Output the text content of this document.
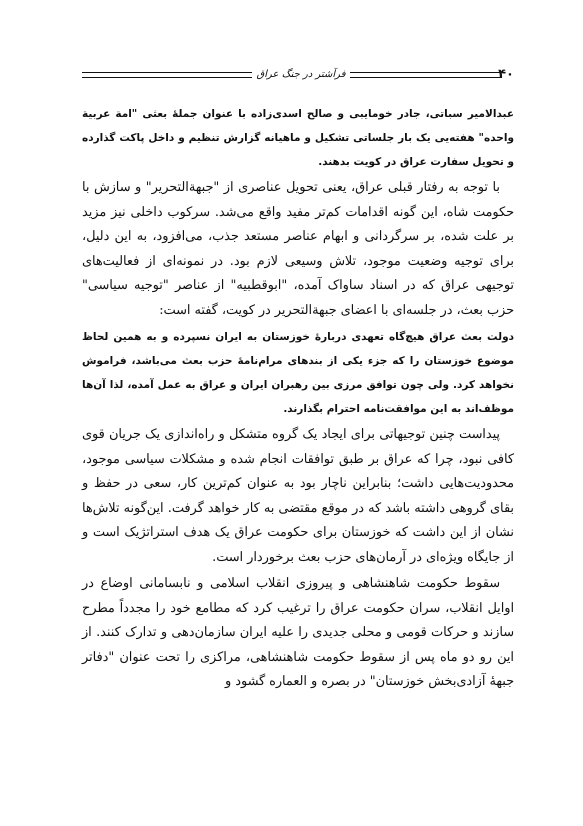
فرآشتر در جنگ عراق	۴۰
عبدالامیر سباتی، جادر خومایبی و صالح اسدی‌زاده با عنوان جملهٔ بعثی "امة عربیة واحده" هفته‌یی یک بار جلساتی تشکیل و ماهیانه گزارش تنظیم و داخل پاکت گذارده و تحویل سفارت عراق در کویت بدهند.
با توجه به رفتار قبلی عراق، یعنی تحویل عناصری از "جبهةالتحریر" و سازش با حکومت شاه، این گونه اقدامات کم‌تر مفید واقع می‌شد. سرکوب داخلی نیز مزید بر علت شده، بر سرگردانی و ابهام عناصر مستعد جذب، می‌افزود، به این دلیل، برای توجیه وضعیت موجود، تلاش وسیعی لازم بود. در نمونه‌ای از فعالیت‌های توجیهی عراق که در اسناد ساواک آمده، "ابوقطبیه" از عناصر "توجیه سیاسی" حزب بعث، در جلسه‌ای با اعضای جبهةالتحریر در کویت، گفته است:
دولت بعث عراق هیچ‌گاه تعهدی دربارهٔ خوزستان به ایران نسپرده و به همین لحاظ موضوع خوزستان را که جزء یکی از بندهای مرام‌نامهٔ حزب بعث می‌باشد، فراموش نخواهد کرد. ولی چون توافق مرزی بین رهبران ایران و عراق به عمل آمده، لذا آن‌ها موظف‌اند به این موافقت‌نامه احترام بگذارند.
پیداست چنین توجیهاتی برای ایجاد یک گروه متشکل و راه‌اندازی یک جریان قوی کافی نبود، چرا که عراق بر طبق توافقات انجام شده و مشکلات سیاسی موجود، محدودیت‌هایی داشت؛ بنابراین ناچار بود به عنوان کم‌ترین کار، سعی در حفظ و بقای گروهی داشته باشد که در موقع مقتضی به کار خواهد گرفت. این‌گونه تلاش‌ها نشان از این داشت که خوزستان برای حکومت عراق یک هدف استراتژیک است و از جایگاه ویژه‌ای در آرمان‌های حزب بعث برخوردار است.
سقوط حکومت شاهنشاهی و پیروزی انقلاب اسلامی و نابسامانی اوضاع در اوایل انقلاب، سران حکومت عراق را ترغیب کرد که مطامع خود را مجدداً مطرح سازند و حرکات قومی و محلی جدیدی را علیه ایران سازمان‌دهی و تدارک کنند. از این رو دو ماه پس از سقوط حکومت شاهنشاهی، مراکزی را تحت عنوان "دفاتر جبههٔ آزادی‌بخش خوزستان" در بصره و العماره گشود و
